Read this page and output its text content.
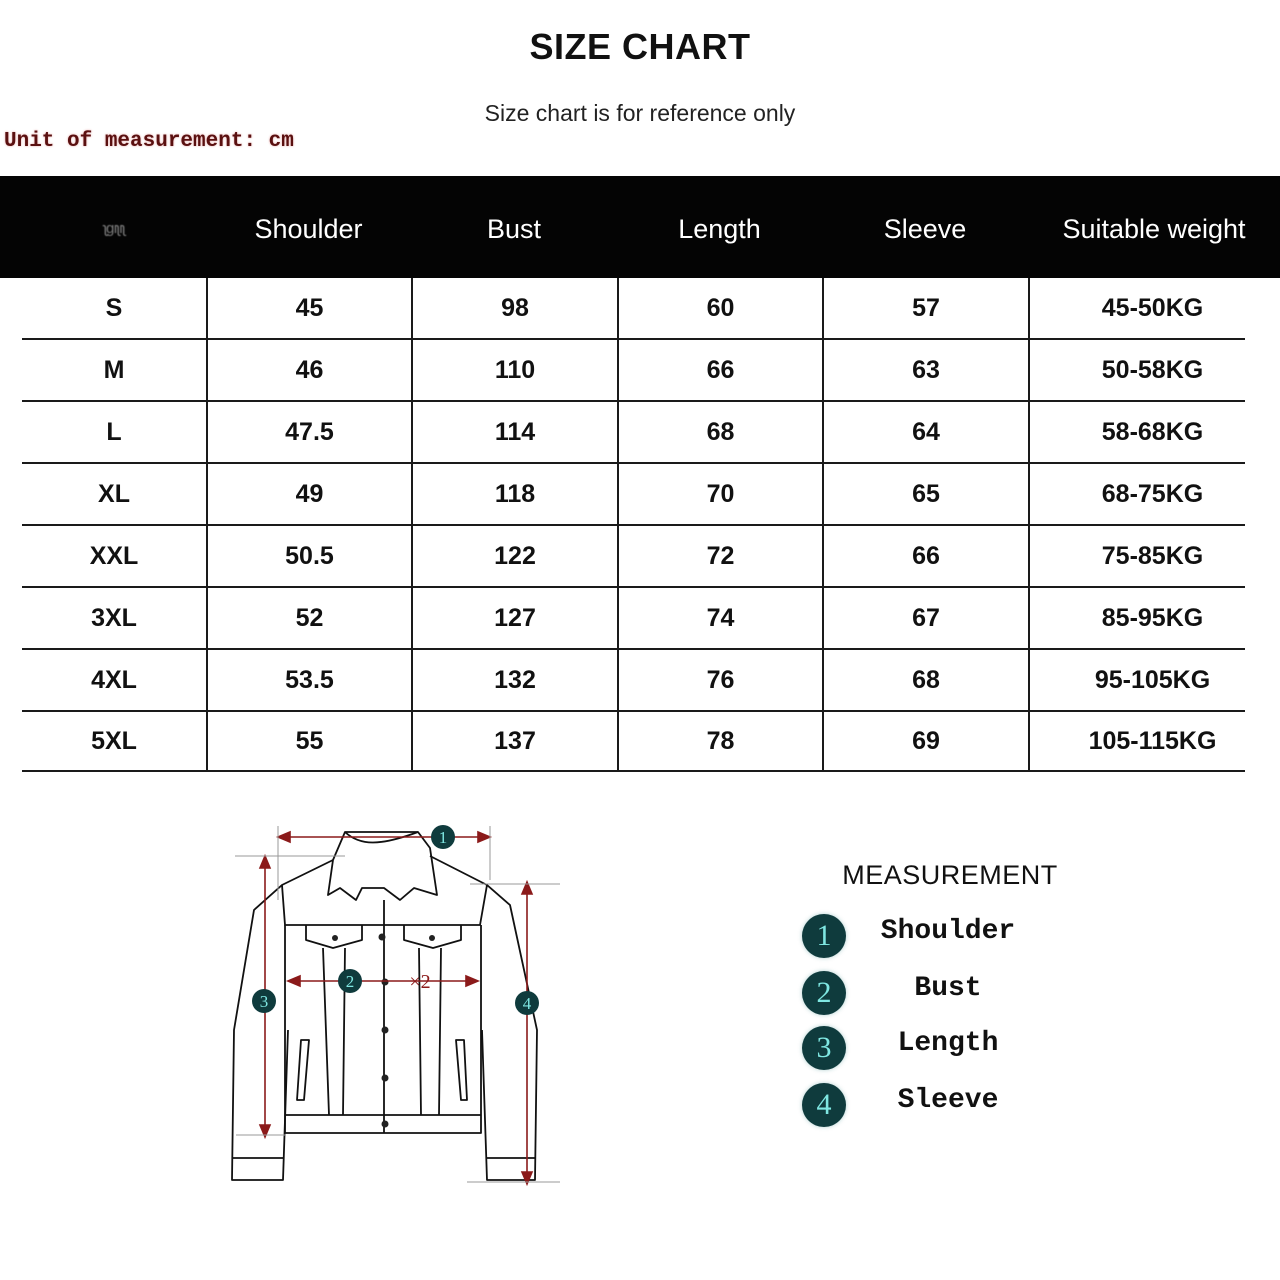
SIZE CHART
Size chart is for reference only
Unit of measurement: cm
ʅɡıʅıʅ	Shoulder	Bust	Length	Sleeve	Suitable weight
S	45	98	60	57	45-50KG
M	46	110	66	63	50-58KG
L	47.5	114	68	64	58-68KG
XL	49	118	70	65	68-75KG
XXL	50.5	122	72	66	75-85KG
3XL	52	127	74	67	85-95KG
4XL	53.5	132	76	68	95-105KG
5XL	55	137	78	69	105-115KG
1
2
3	4
×2
MEASUREMENT
1	Shoulder
2	Bust
3	Length
4	Sleeve
